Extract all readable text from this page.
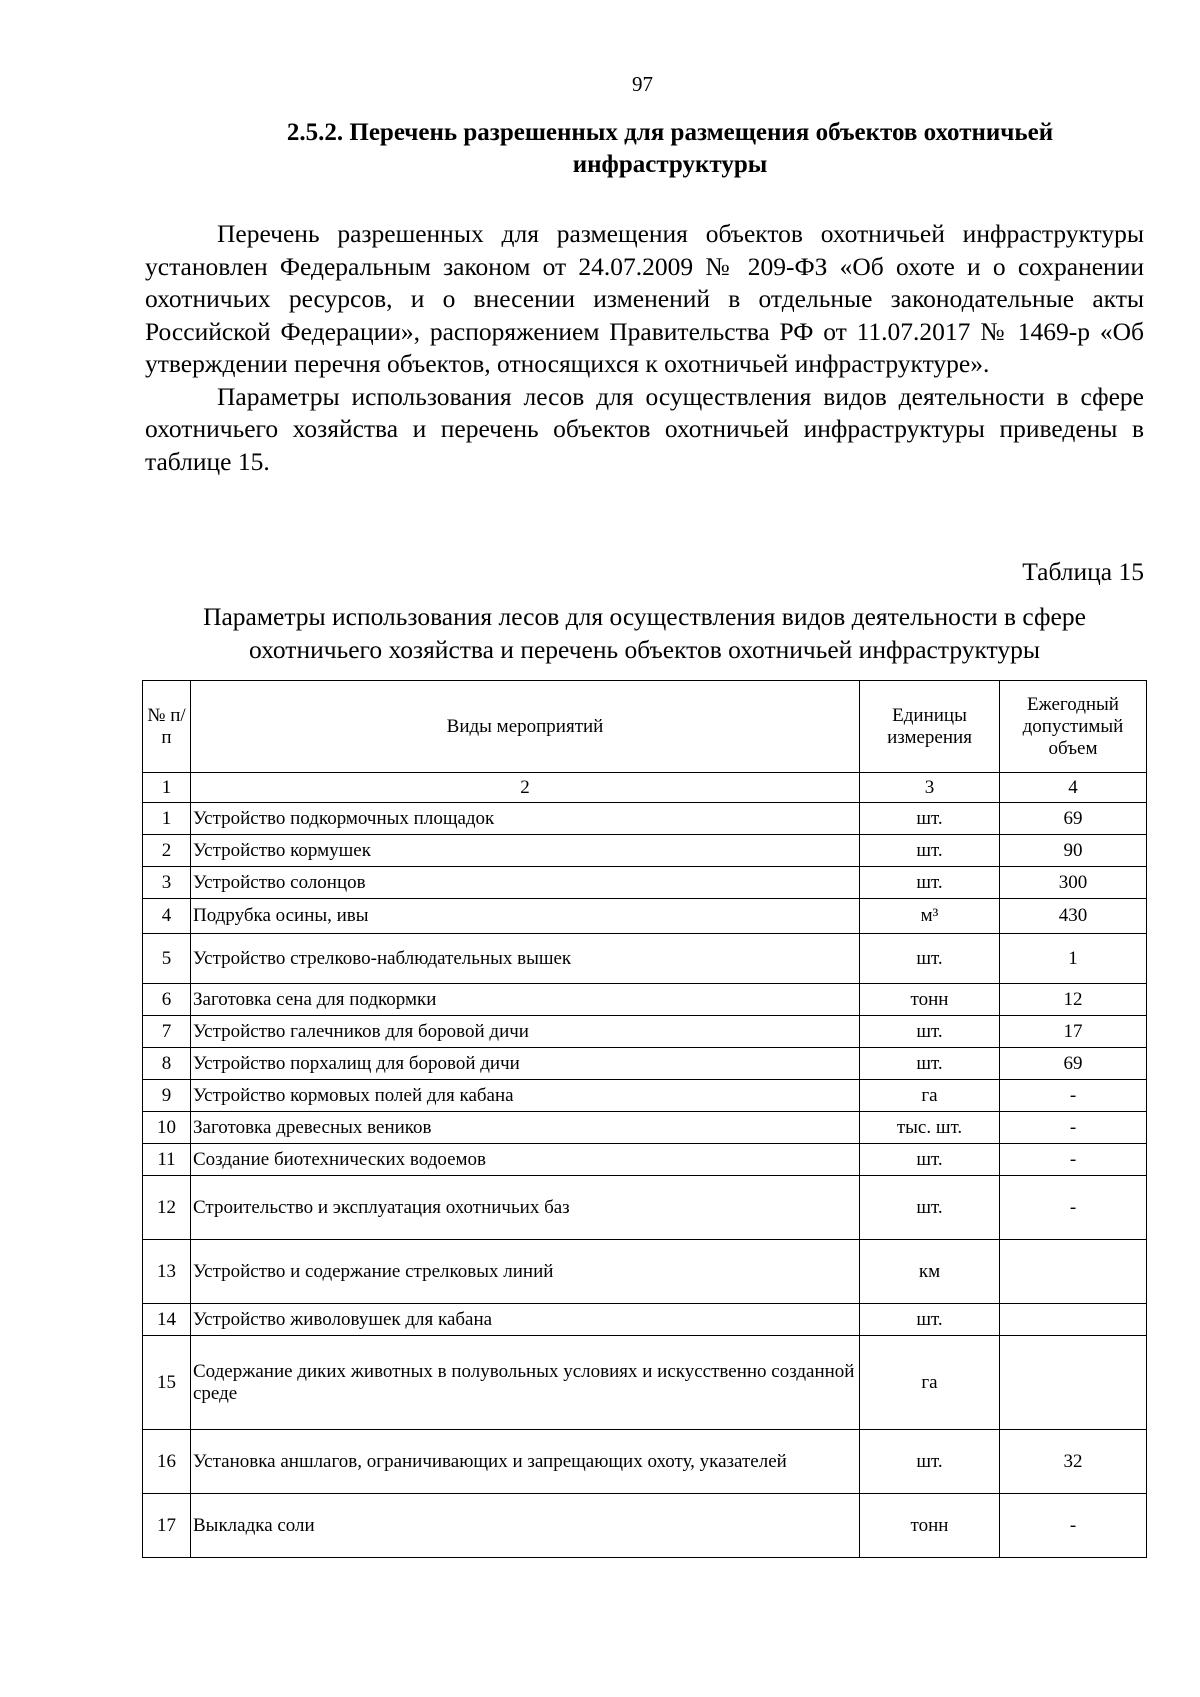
97
2.5.2. Перечень разрешенных для размещения объектов охотничьей инфраструктуры

Перечень разрешенных для размещения объектов охотничьей инфраструктуры установлен Федеральным законом от 24.07.2009 № 209-ФЗ «Об охоте и о сохранении охотничьих ресурсов, и о внесении изменений в отдельные законодательные акты Российской Федерации», распоряжением Правительства РФ от 11.07.2017 № 1469-р «Об утверждении перечня объектов, относящихся к охотничьей инфраструктуре».

Параметры использования лесов для осуществления видов деятельности в сфере охотничьего хозяйства и перечень объектов охотничьей инфраструктуры приведены в таблице 15.

Таблица 15
Параметры использования лесов для осуществления видов деятельности в сфере охотничьего хозяйства и перечень объектов охотничьей инфраструктуры
№ п/п	Виды мероприятий	Единицы измерения	Ежегодный допустимый объем
1	2	3	4
1	Устройство подкормочных площадок	шт.	69
2	Устройство кормушек	шт.	90
3	Устройство солонцов	шт.	300
4	Подрубка осины, ивы	м³	430
5	Устройство стрелково-наблюдательных вышек	шт.	1
6	Заготовка сена для подкормки	тонн	12
7	Устройство галечников для боровой дичи	шт.	17
8	Устройство порхалищ для боровой дичи	шт.	69
9	Устройство кормовых полей для кабана	га	-
10	Заготовка древесных веников	тыс. шт.	-
11	Создание биотехнических водоемов	шт.	-
12	Строительство и эксплуатация охотничьих баз	шт.	-
13	Устройство и содержание стрелковых линий	км	
14	Устройство живоловушек для кабана	шт.	
15	Содержание диких животных в полувольных условиях и искусственно созданной среде	га	
16	Установка аншлагов, ограничивающих и запрещающих охоту, указателей	шт.	32
17	Выкладка соли	тонн	-
